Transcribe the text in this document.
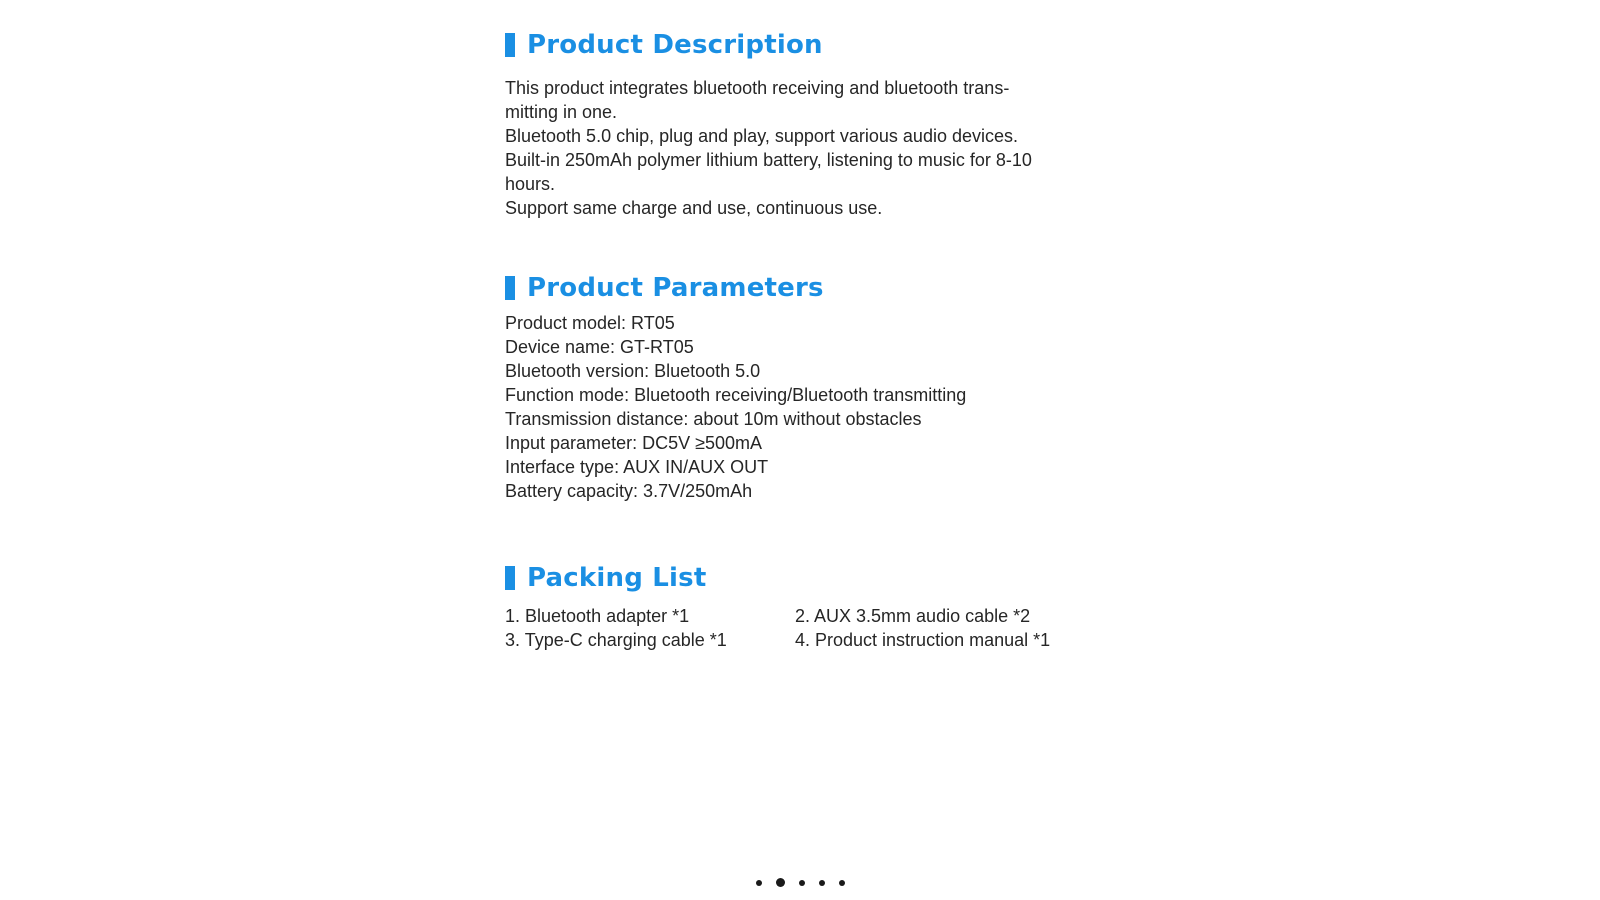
Product Description
This product integrates bluetooth receiving and bluetooth trans-
mitting in one.
Bluetooth 5.0 chip, plug and play, support various audio devices.
Built-in 250mAh polymer lithium battery, listening to music for 8-10
hours.
Support same charge and use, continuous use.
Product Parameters
Product model: RT05
Device name: GT-RT05
Bluetooth version: Bluetooth 5.0
Function mode: Bluetooth receiving/Bluetooth transmitting
Transmission distance: about 10m without obstacles
Input parameter: DC5V ≥500mA
Interface type: AUX IN/AUX OUT
Battery capacity: 3.7V/250mAh
Packing List
1. Bluetooth adapter *1	2. AUX 3.5mm audio cable *2
3. Type-C charging cable *1	4. Product instruction manual *1
